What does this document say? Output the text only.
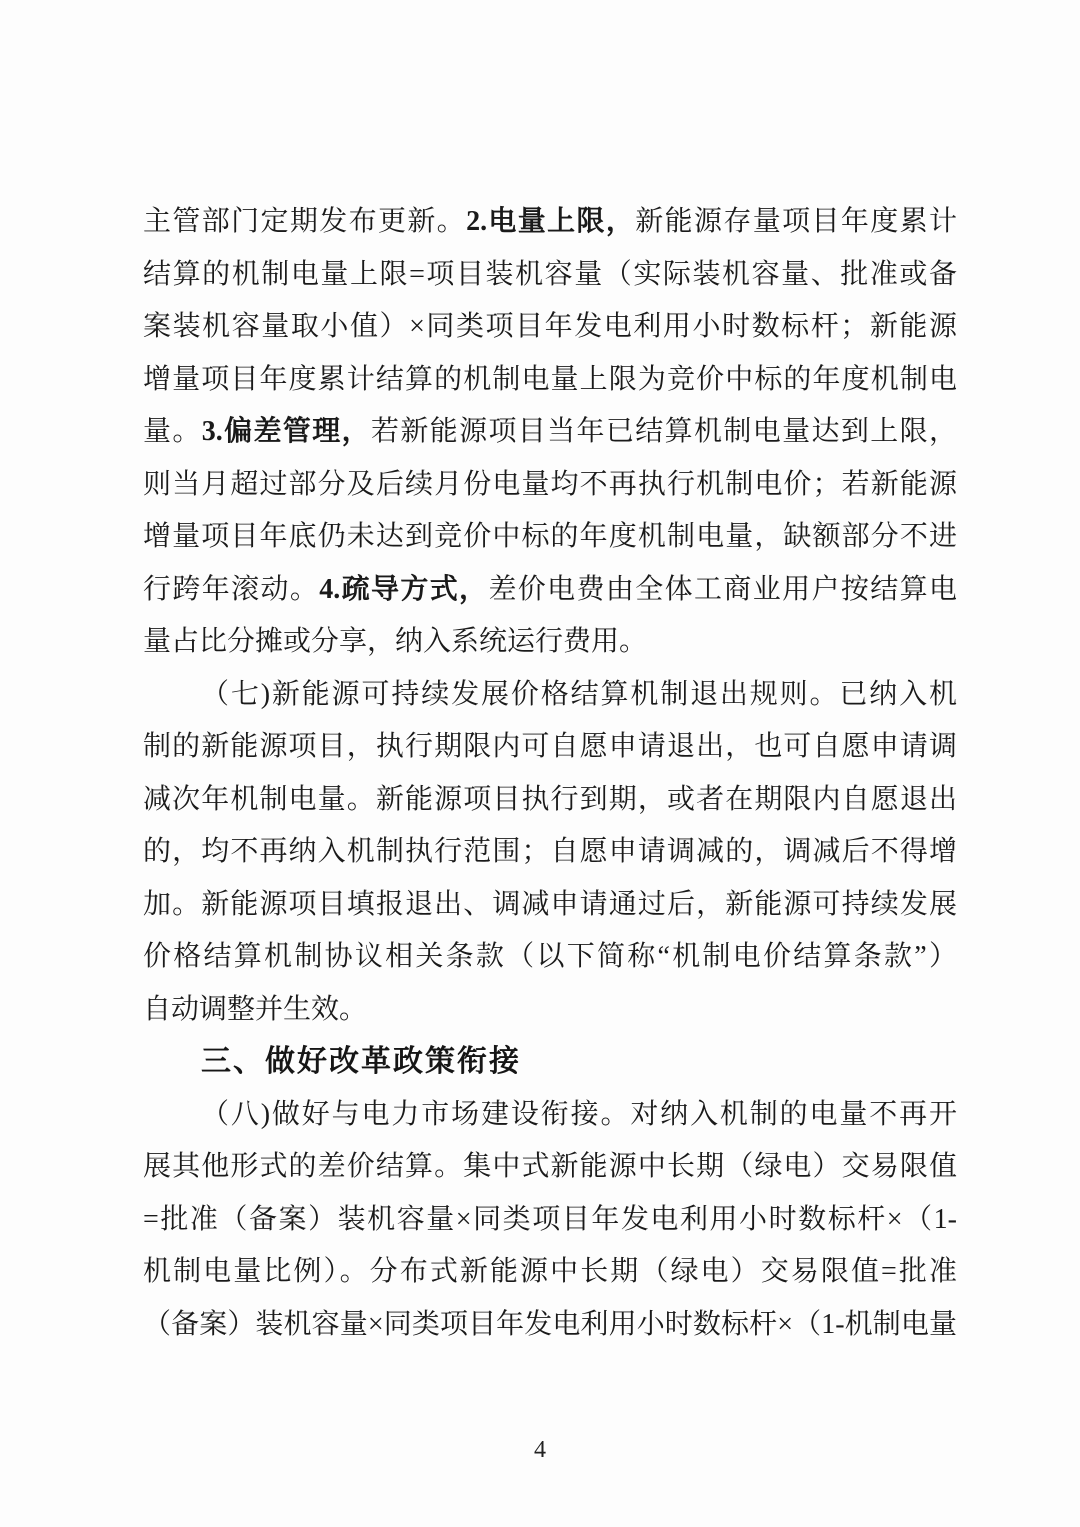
主管部门定期发布更新。2.电量上限，新能源存量项目年度累计
结算的机制电量上限=项目装机容量（实际装机容量、批准或备
案装机容量取小值）×同类项目年发电利用小时数标杆；新能源
增量项目年度累计结算的机制电量上限为竞价中标的年度机制电
量。3.偏差管理，若新能源项目当年已结算机制电量达到上限，
则当月超过部分及后续月份电量均不再执行机制电价；若新能源
增量项目年底仍未达到竞价中标的年度机制电量，缺额部分不进
行跨年滚动。4.疏导方式，差价电费由全体工商业用户按结算电
量占比分摊或分享，纳入系统运行费用。
（七)新能源可持续发展价格结算机制退出规则。已纳入机
制的新能源项目，执行期限内可自愿申请退出，也可自愿申请调
减次年机制电量。新能源项目执行到期，或者在期限内自愿退出
的，均不再纳入机制执行范围；自愿申请调减的，调减后不得增
加。新能源项目填报退出、调减申请通过后，新能源可持续发展
价格结算机制协议相关条款（以下简称“机制电价结算条款”）
自动调整并生效。
三、做好改革政策衔接
（八)做好与电力市场建设衔接。对纳入机制的电量不再开
展其他形式的差价结算。集中式新能源中长期（绿电）交易限值
=批准（备案）装机容量×同类项目年发电利用小时数标杆×（1-
机制电量比例）。分布式新能源中长期（绿电）交易限值=批准
（备案）装机容量×同类项目年发电利用小时数标杆×（1-机制电量
4
